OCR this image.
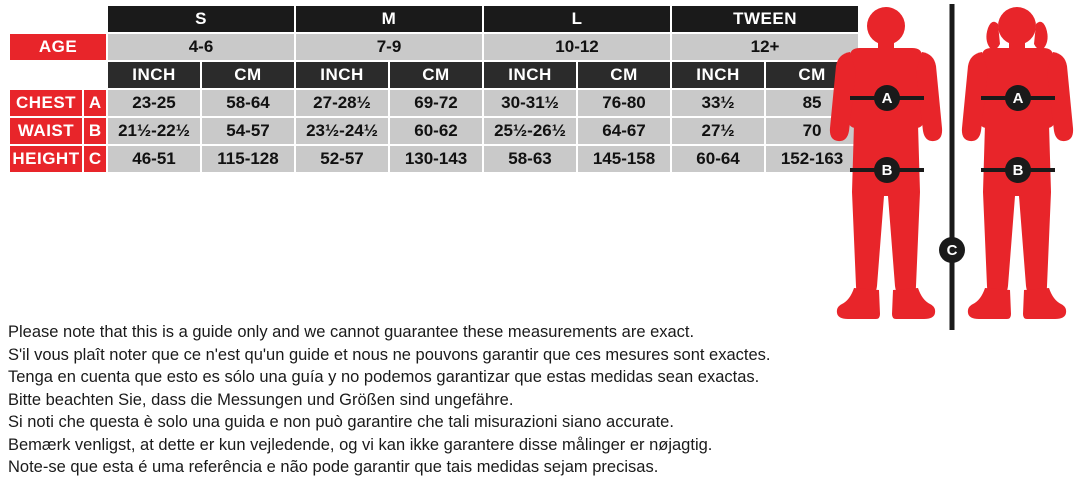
		S		M		L		TWEEN	
AGE		4-6		7-9		10-12		12+	
		INCH	CM	INCH	CM	INCH	CM	INCH	CM
CHEST	A	23-25	58-64	27-28½	69-72	30-31½	76-80	33½	85
WAIST	B	21½-22½	54-57	23½-24½	60-62	25½-26½	64-67	27½	70
HEIGHT	C	46-51	115-128	52-57	130-143	58-63	145-158	60-64	152-163

Please note that this is a guide only and we cannot guarantee these measurements are exact.

S'il vous plaît noter que ce n'est qu'un guide et nous ne pouvons garantir que ces mesures sont exactes.

Tenga en cuenta que esto es sólo una guía y no podemos garantizar que estas medidas sean exactas.

Bitte beachten Sie, dass die Messungen und Größen sind ungefähre.

Si noti che questa è solo una guida e non può garantire che tali misurazioni siano accurate.

Bemærk venligst, at dette er kun vejledende, og vi kan ikke garantere disse målinger er nøjagtig.

Note-se que esta é uma referência e não pode garantir que tais medidas sejam precisas.

A
B
C
A
B
